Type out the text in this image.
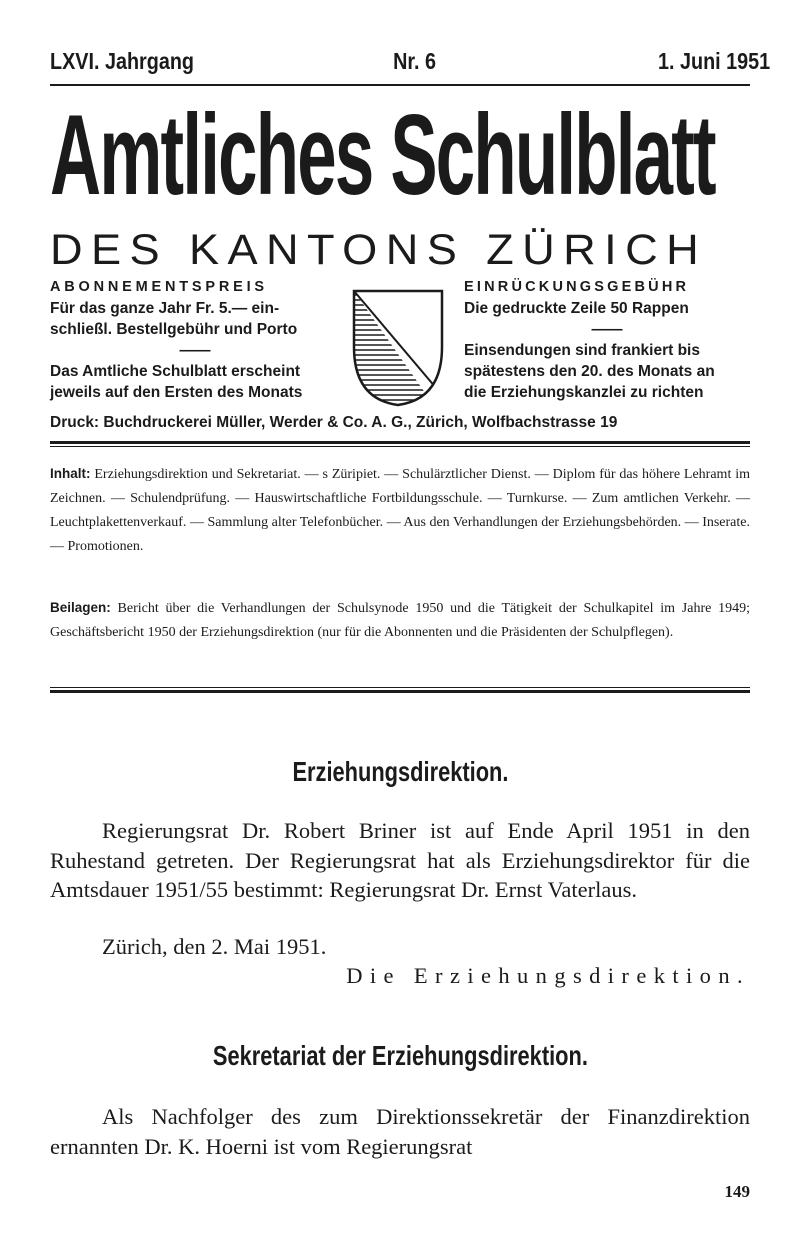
LXVI. Jahrgang	Nr. 6	1. Juni 1951
Amtliches Schulblatt
DES KANTONS ZÜRICH
ABONNEMENTSPREIS
Für das ganze Jahr Fr. 5.— ein-
schließl. Bestellgebühr und Porto
——
Das Amtliche Schulblatt erscheint
jeweils auf den Ersten des Monats
EINRÜCKUNGSGEBÜHR
Die gedruckte Zeile 50 Rappen
——
Einsendungen sind frankiert bis
spätestens den 20. des Monats an
die Erziehungskanzlei zu richten
Druck: Buchdruckerei Müller, Werder & Co. A. G., Zürich, Wolfbachstrasse 19

Inhalt: Erziehungsdirektion und Sekretariat. — s Züripiet. — Schulärztlicher Dienst. — Diplom für das höhere Lehramt im Zeichnen. — Schulendprüfung. — Hauswirtschaftliche Fortbildungsschule. — Turnkurse. — Zum amtlichen Verkehr. — Leuchtplakettenverkauf. — Sammlung alter Telefonbücher. — Aus den Verhandlungen der Erziehungsbehörden. — Inserate. — Promotionen.

Beilagen: Bericht über die Verhandlungen der Schulsynode 1950 und die Tätigkeit der Schulkapitel im Jahre 1949; Geschäftsbericht 1950 der Erziehungsdirektion (nur für die Abonnenten und die Präsidenten der Schulpflegen).
Erziehungsdirektion.

Regierungsrat Dr. Robert Briner ist auf Ende April 1951 in den Ruhestand getreten. Der Regierungsrat hat als Erziehungsdirektor für die Amtsdauer 1951/55 bestimmt: Regierungsrat Dr. Ernst Vaterlaus.

Zürich, den 2. Mai 1951.
Die Erziehungsdirektion.
Sekretariat der Erziehungsdirektion.

Als Nachfolger des zum Direktionssekretär der Finanzdirektion ernannten Dr. K. Hoerni ist vom Regierungsrat

149
